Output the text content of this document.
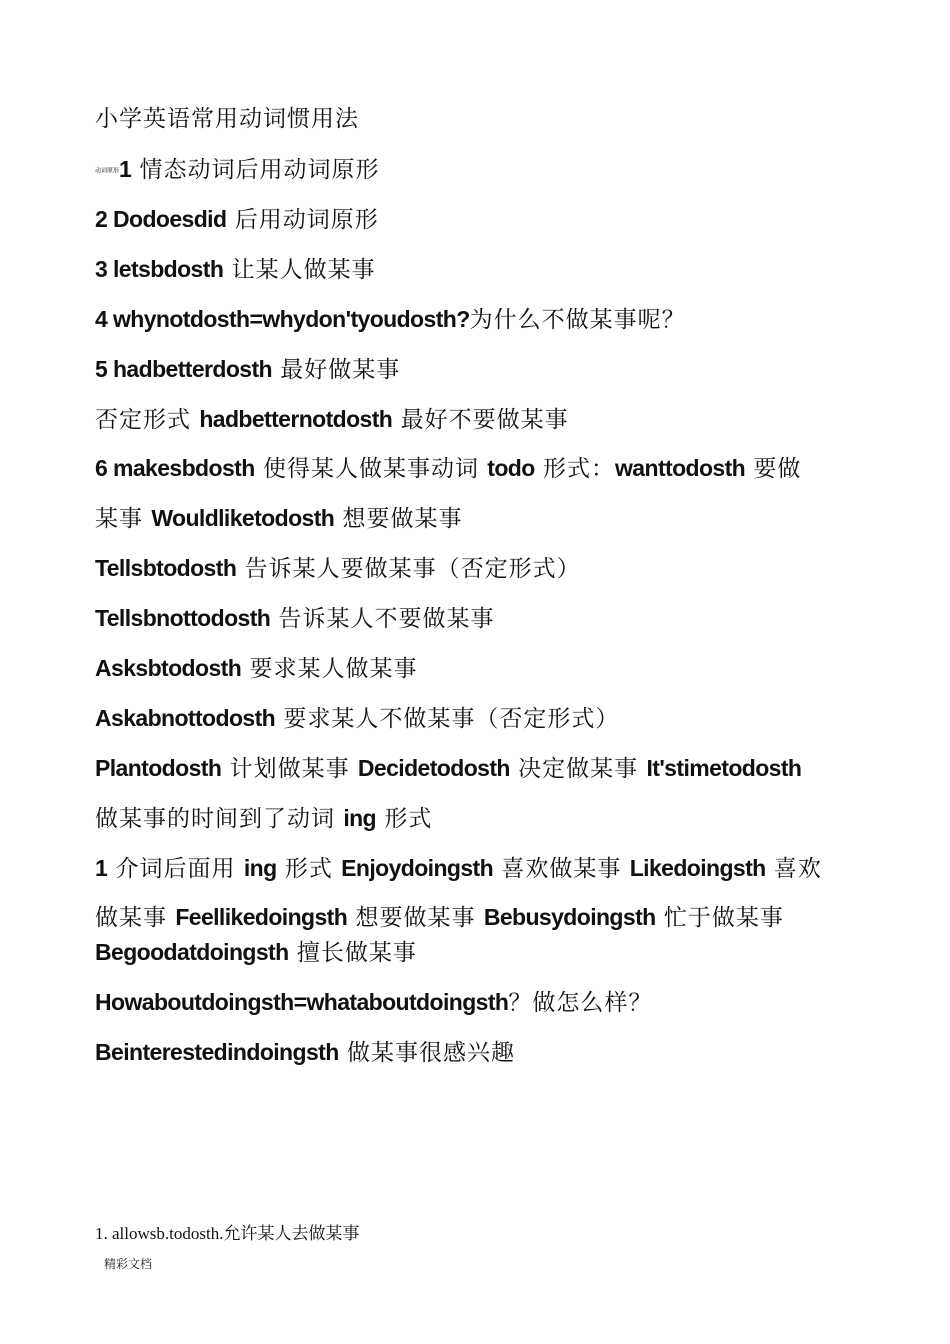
小学英语常用动词惯用法
动词原形1 情态动词后用动词原形
2 Dodoesdid 后用动词原形
3 letsbdosth 让某人做某事
4 whynotdosth=whydon'tyoudosth?为什么不做某事呢？
5 hadbetterdosth 最好做某事
否定形式 hadbetternotdosth 最好不要做某事
6 makesbdosth 使得某人做某事动词 todo 形式：wanttodosth 要做
某事 Wouldliketodosth 想要做某事
Tellsbtodosth 告诉某人要做某事（否定形式）
Tellsbnottodosth 告诉某人不要做某事
Asksbtodosth 要求某人做某事
Askabnottodosth 要求某人不做某事（否定形式）
Plantodosth 计划做某事 Decidetodosth 决定做某事 It'stimetodosth
做某事的时间到了动词 ing 形式
1 介词后面用 ing 形式 Enjoydoingsth 喜欢做某事 Likedoingsth 喜欢
做某事 Feellikedoingsth 想要做某事 Bebusydoingsth 忙于做某事
Begoodatdoingsth 擅长做某事
Howaboutdoingsth=whataboutdoingsth？做怎么样？
Beinterestedindoingsth 做某事很感兴趣
1. allowsb.todosth.允许某人去做某事
精彩文档
